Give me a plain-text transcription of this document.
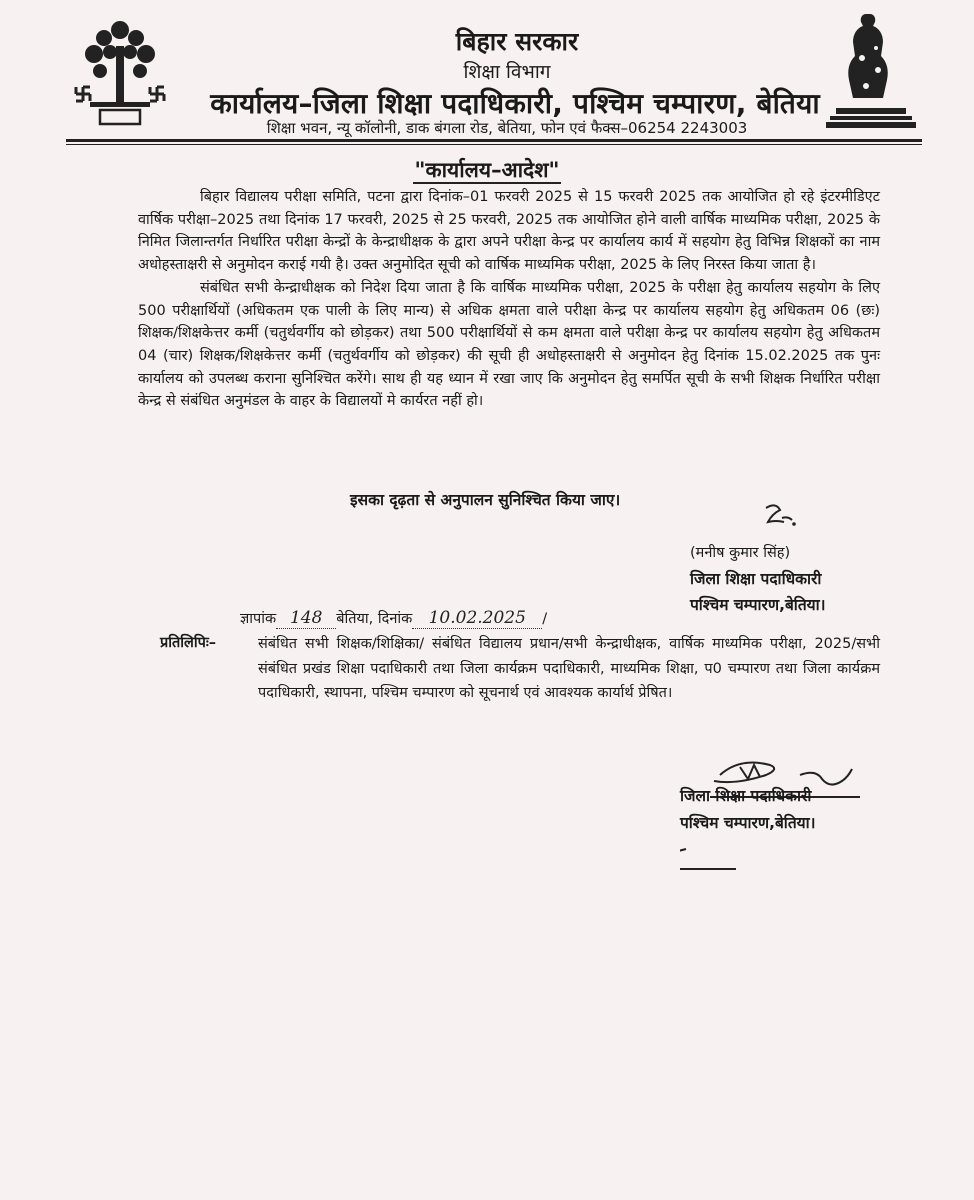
बिहार सरकार
शिक्षा विभाग
कार्यालय–जिला शिक्षा पदाधिकारी, पश्चिम चम्पारण, बेतिया
शिक्षा भवन, न्यू कॉलोनी, डाक बंगला रोड, बेतिया, फोन एवं फैक्स–06254 2243003
"कार्यालय–आदेश"

बिहार विद्यालय परीक्षा समिति, पटना द्वारा दिनांक–01 फरवरी 2025 से 15 फरवरी 2025 तक आयोजित हो रहे इंटरमीडिएट वार्षिक परीक्षा–2025 तथा दिनांक 17 फरवरी, 2025 से 25 फरवरी, 2025 तक आयोजित होने वाली वार्षिक माध्यमिक परीक्षा, 2025 के निमित जिलान्तर्गत निर्धारित परीक्षा केन्द्रों के केन्द्राधीक्षक के द्वारा अपने परीक्षा केन्द्र पर कार्यालय कार्य में सहयोग हेतु विभिन्न शिक्षकों का नाम अधोहस्ताक्षरी से अनुमोदन कराई गयी है। उक्त अनुमोदित सूची को वार्षिक माध्यमिक परीक्षा, 2025 के लिए निरस्त किया जाता है।

संबंधित सभी केन्द्राधीक्षक को निदेश दिया जाता है कि वार्षिक माध्यमिक परीक्षा, 2025 के परीक्षा हेतु कार्यालय सहयोग के लिए 500 परीक्षार्थियों (अधिकतम एक पाली के लिए मान्य) से अधिक क्षमता वाले परीक्षा केन्द्र पर कार्यालय सहयोग हेतु अधिकतम 06 (छः) शिक्षक/शिक्षकेत्तर कर्मी (चतुर्थवर्गीय को छोड़कर) तथा 500 परीक्षार्थियों से कम क्षमता वाले परीक्षा केन्द्र पर कार्यालय सहयोग हेतु अधिकतम 04 (चार) शिक्षक/शिक्षकेत्तर कर्मी (चतुर्थवर्गीय को छोड़कर) की सूची ही अधोहस्ताक्षरी से अनुमोदन हेतु दिनांक 15.02.2025 तक पुनः कार्यालय को उपलब्ध कराना सुनिश्चित करेंगे। साथ ही यह ध्यान में रखा जाए कि अनुमोदन हेतु समर्पित सूची के सभी शिक्षक निर्धारित परीक्षा केन्द्र से संबंधित अनुमंडल के वाहर के विद्यालयों मे कार्यरत नहीं हो।

इसका दृढ़ता से अनुपालन सुनिश्चित किया जाए।
(मनीष कुमार सिंह)
जिला शिक्षा पदाधिकारी
पश्चिम चम्पारण,बेतिया।
ज्ञापांक 148 बेतिया, दिनांक 10.02.2025 /
प्रतिलिपिः–	संबंधित सभी शिक्षक/शिक्षिका/ संबंधित विद्यालय प्रधान/सभी केन्द्राधीक्षक, वार्षिक माध्यमिक परीक्षा, 2025/सभी संबंधित प्रखंड शिक्षा पदाधिकारी तथा जिला कार्यक्रम पदाधिकारी, माध्यमिक शिक्षा, प0 चम्पारण तथा जिला कार्यक्रम पदाधिकारी, स्थापना, पश्चिम चम्पारण को सूचनार्थ एवं आवश्यक कार्यार्थ प्रेषित।
जिला शिक्षा पदाधिकारी
पश्चिम चम्पारण,बेतिया।
